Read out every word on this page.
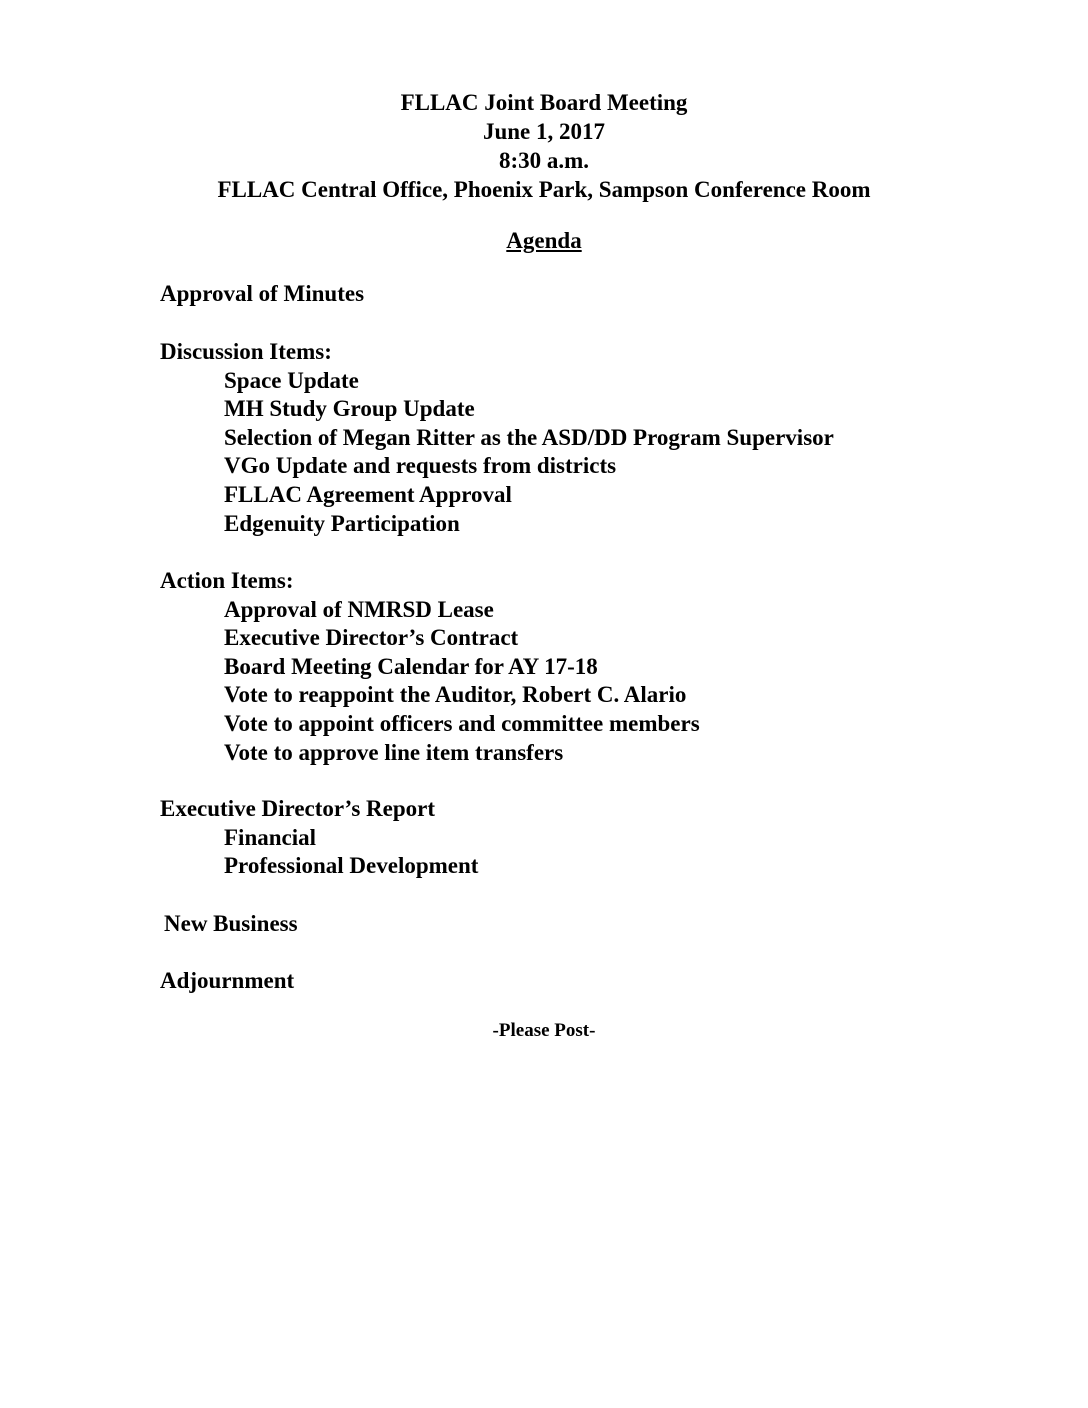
FLLAC Joint Board Meeting
June 1, 2017
8:30 a.m.
FLLAC Central Office, Phoenix Park, Sampson Conference Room
Agenda
Approval of Minutes
Discussion Items:
Space Update
MH Study Group Update
Selection of Megan Ritter as the ASD/DD Program Supervisor
VGo Update and requests from districts
FLLAC Agreement Approval
Edgenuity Participation
Action Items:
Approval of NMRSD Lease
Executive Director’s Contract
Board Meeting Calendar for AY 17-18
Vote to reappoint the Auditor, Robert C. Alario
Vote to appoint officers and committee members
Vote to approve line item transfers
Executive Director’s Report
Financial
Professional Development
New Business
Adjournment
-Please Post-
